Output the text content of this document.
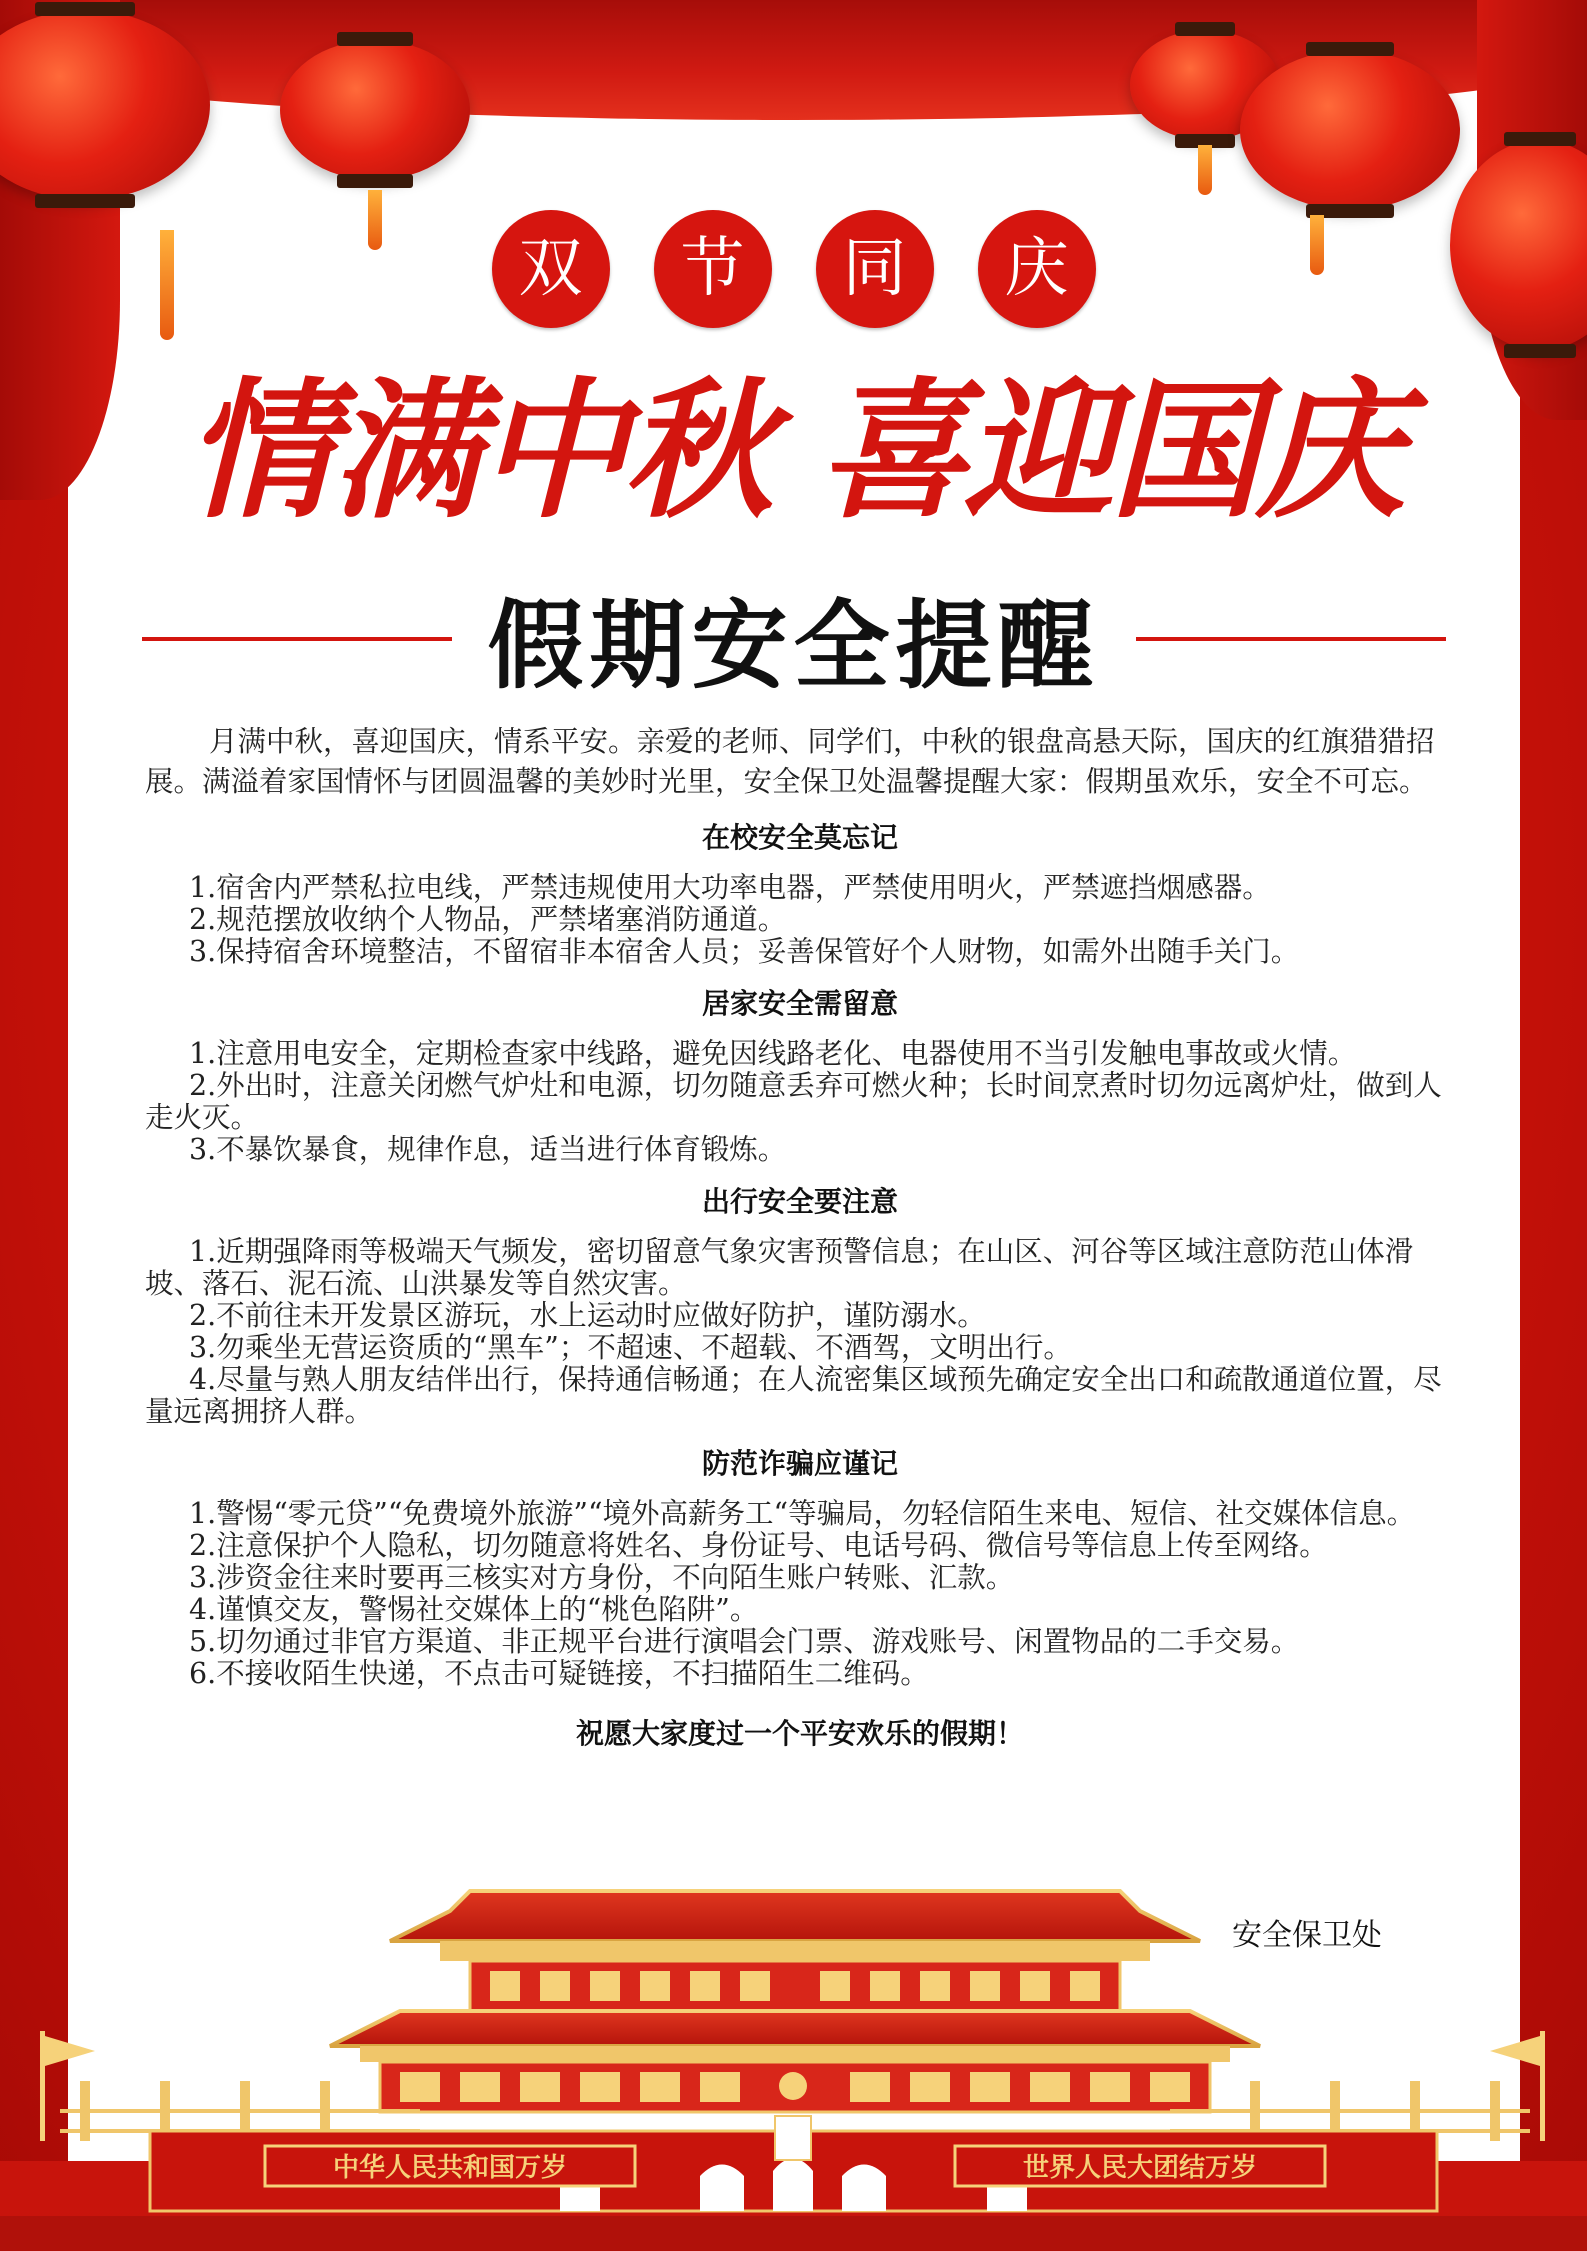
双	节	同	庆
情满中秋 喜迎国庆
假期安全提醒

月满中秋，喜迎国庆，情系平安。亲爱的老师、同学们，中秋的银盘高悬天际，国庆的红旗猎猎招展。满溢着家国情怀与团圆温馨的美妙时光里，安全保卫处温馨提醒大家：假期虽欢乐，安全不可忘。

在校安全莫忘记

1.宿舍内严禁私拉电线，严禁违规使用大功率电器，严禁使用明火，严禁遮挡烟感器。

2.规范摆放收纳个人物品，严禁堵塞消防通道。

3.保持宿舍环境整洁，不留宿非本宿舍人员；妥善保管好个人财物，如需外出随手关门。

居家安全需留意

1.注意用电安全，定期检查家中线路，避免因线路老化、电器使用不当引发触电事故或火情。

2.外出时，注意关闭燃气炉灶和电源，切勿随意丢弃可燃火种；长时间烹煮时切勿远离炉灶，做到人走火灭。

3.不暴饮暴食，规律作息，适当进行体育锻炼。

出行安全要注意

1.近期强降雨等极端天气频发，密切留意气象灾害预警信息；在山区、河谷等区域注意防范山体滑坡、落石、泥石流、山洪暴发等自然灾害。

2.不前往未开发景区游玩，水上运动时应做好防护，谨防溺水。

3.勿乘坐无营运资质的“黑车”；不超速、不超载、不酒驾，文明出行。

4.尽量与熟人朋友结伴出行，保持通信畅通；在人流密集区域预先确定安全出口和疏散通道位置，尽量远离拥挤人群。

防范诈骗应谨记

1.警惕“零元贷”“免费境外旅游”“境外高薪务工“等骗局，勿轻信陌生来电、短信、社交媒体信息。

2.注意保护个人隐私，切勿随意将姓名、身份证号、电话号码、微信号等信息上传至网络。

3.涉资金往来时要再三核实对方身份，不向陌生账户转账、汇款。

4.谨慎交友，警惕社交媒体上的“桃色陷阱”。

5.切勿通过非官方渠道、非正规平台进行演唱会门票、游戏账号、闲置物品的二手交易。

6.不接收陌生快递，不点击可疑链接，不扫描陌生二维码。

祝愿大家度过一个平安欢乐的假期！
安全保卫处
中华人民共和国万岁	世界人民大团结万岁
